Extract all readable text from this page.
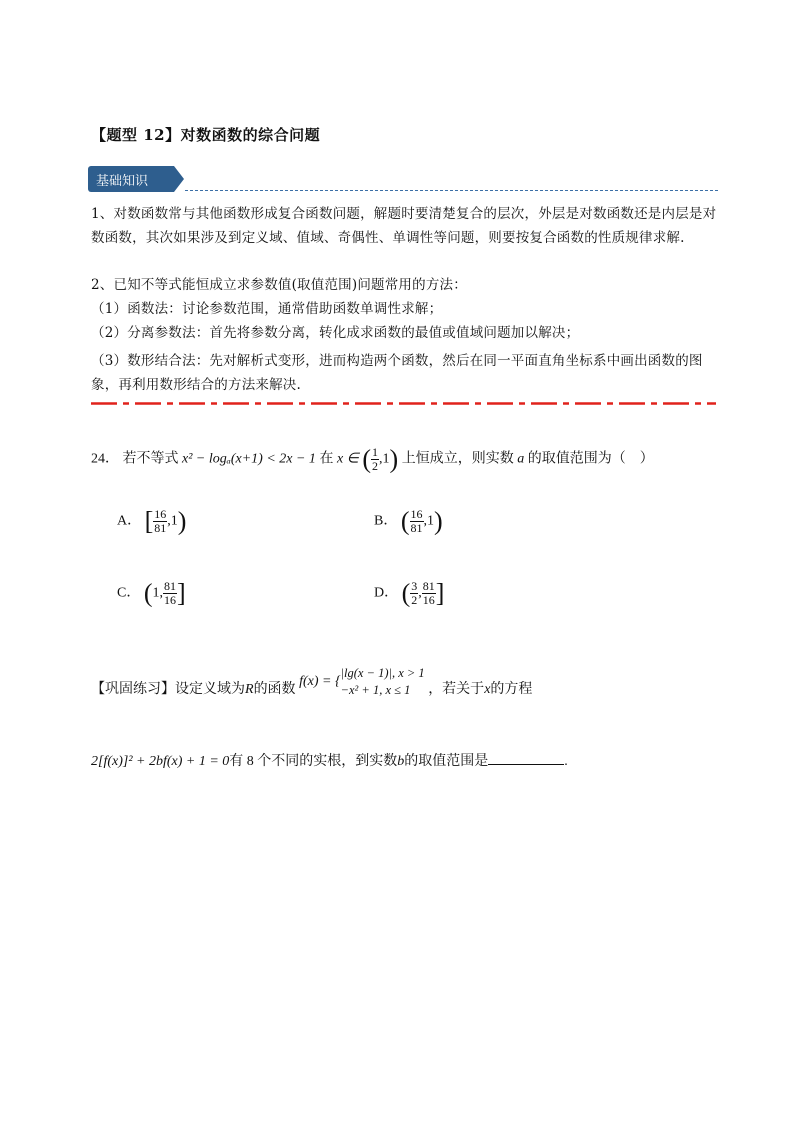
【题型 12】对数函数的综合问题
基础知识
1、对数函数常与其他函数形成复合函数问题，解题时要清楚复合的层次，外层是对数函数还是内层是对数函数，其次如果涉及到定义域、值域、奇偶性、单调性等问题，则要按复合函数的性质规律求解.
2、已知不等式能恒成立求参数值(取值范围)问题常用的方法：
（1）函数法：讨论参数范围，通常借助函数单调性求解；
（2）分离参数法：首先将参数分离，转化成求函数的最值或值域问题加以解决；
（3）数形结合法：先对解析式变形，进而构造两个函数，然后在同一平面直角坐标系中画出函数的图象，再利用数形结合的方法来解决.
24． 若不等式 x² − logₐ(x+1) < 2x − 1 在 x ∈ ( $\frac{1}{2} ,1$) 上恒成立，则实数 a 的取值范围为（　）
A． [ $\frac{16}{81} ,1$)	B． ( $\frac{16}{81} ,1$)
C． (1, $\frac{81}{16}$ ]	D． ( $\frac{3}{2}$ , $\frac{81}{16}$ ]
【巩固练习】设定义域为R的函数 f(x) = {
|lg(x − 1)|, x > 1
−x² + 1, x ≤ 1	，若关于x的方程
2[f(x)]² + 2bf(x) + 1 = 0有 8 个不同的实根，到实数b的取值范围是	.
